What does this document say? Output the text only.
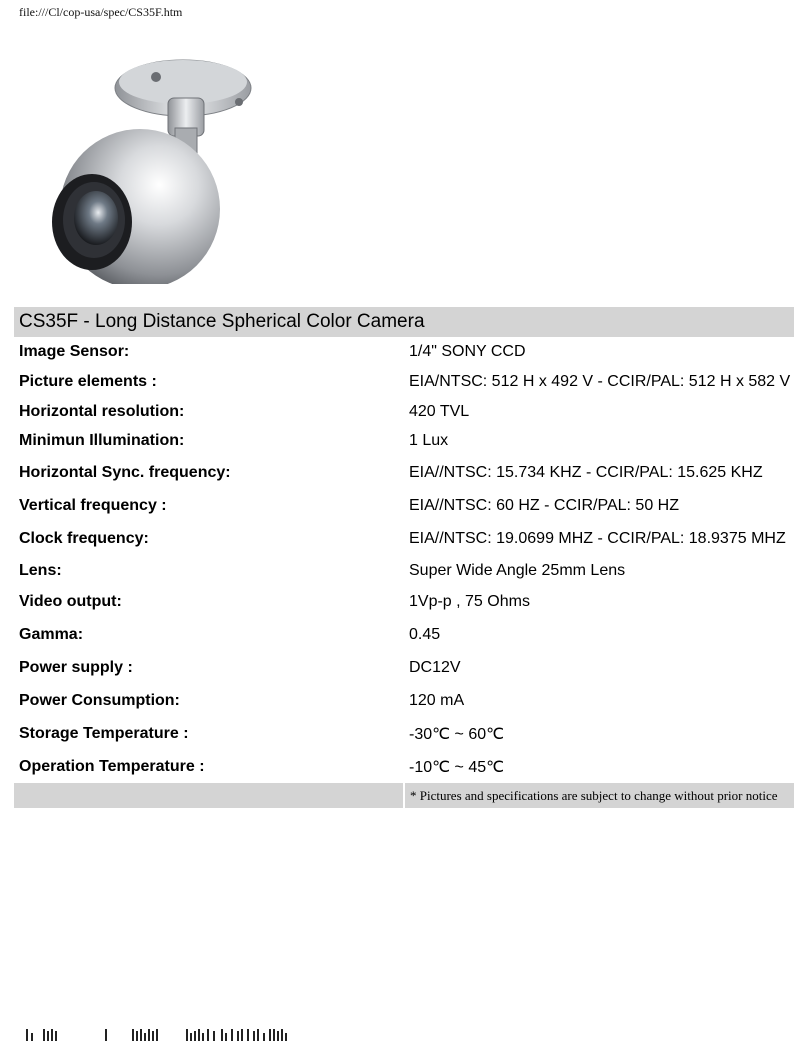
file:///Cl/cop-usa/spec/CS35F.htm
CS35F - Long Distance Spherical Color Camera	
Image Sensor:	1/4" SONY CCD
Picture elements :	EIA/NTSC: 512 H x 492 V - CCIR/PAL: 512 H x 582 V
Horizontal resolution:	420 TVL
Minimun Illumination:	1 Lux
Horizontal Sync. frequency:	EIA//NTSC: 15.734 KHZ - CCIR/PAL: 15.625 KHZ
Vertical frequency :	EIA//NTSC: 60 HZ - CCIR/PAL: 50 HZ
Clock frequency:	EIA//NTSC: 19.0699 MHZ - CCIR/PAL: 18.9375 MHZ
Lens:	Super Wide Angle 25mm Lens
Video output:	1Vp-p , 75 Ohms
Gamma:	0.45
Power supply :	DC12V
Power Consumption:	120 mA
Storage Temperature :	-30℃ ~ 60℃
Operation Temperature :	-10℃ ~ 45℃
	* Pictures and specifications are subject to change without prior notice
